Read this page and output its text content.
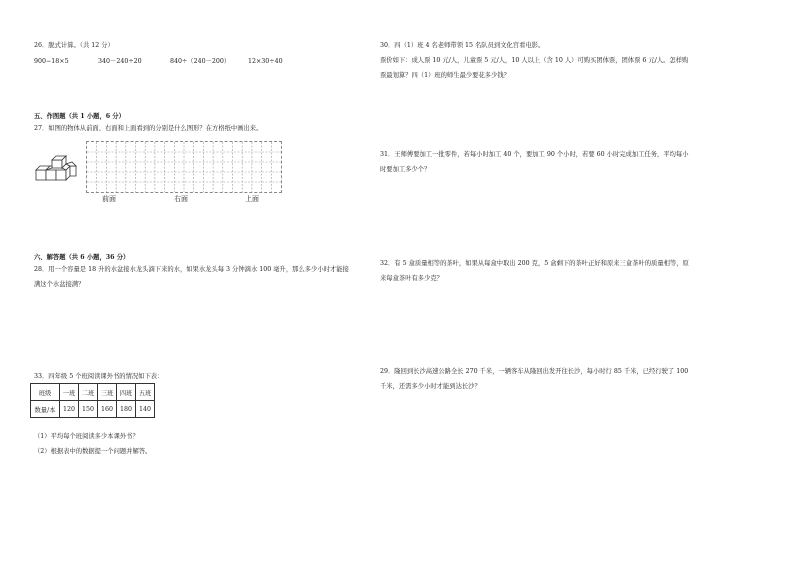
26．脱式计算。（共 12 分）
900−18×5	340－240÷20	840÷（240－200）	12×30÷40
30．四（1）班 4 名老师带领 15 名队员到文化宫看电影。
票价如下：成人票 10 元/人，儿童票 5 元/人，10 人以上（含 10 人）可购买团体票，团体票 6 元/人。怎样购
票最划算？四（1）班的师生最少要花多少钱？
五、作图题（共 1 小题，6 分）
27．如图的物体从前面、右面和上面看到的分别是什么图形？在方格纸中画出来。
前面	右面	上面
31．王师傅要加工一批零件，若每小时加工 40 个，要加工 90 个小时，若要 60 小时完成加工任务，平均每小
时要加工多少个？
六、解答题（共 6 小题，36 分）
28．用一个容量是 18 升的水盆接水龙头滴下来的水，如果水龙头每 3 分钟滴水 100 毫升，那么多少小时才能接
满这个水盆接满？
32．有 5 盒质量相等的茶叶，如果从每盒中取出 200 克，5 盒剩下的茶叶正好和原来三盒茶叶的质量相等，原
来每盒茶叶有多少克？
33．四年级 5 个班阅读课外书的情况如下表：
班级	一班	二班	三班	四班	五班
数量/本	120	150	160	180	140
（1）平均每个班阅读多少本课外书？
（2）根据表中的数据提一个问题并解答。
29．隆回到长沙高速公路全长 270 千米，一辆客车从隆回出发开往长沙，每小时行 85 千米，已经行驶了 100
千米，还需多少小时才能到达长沙？
